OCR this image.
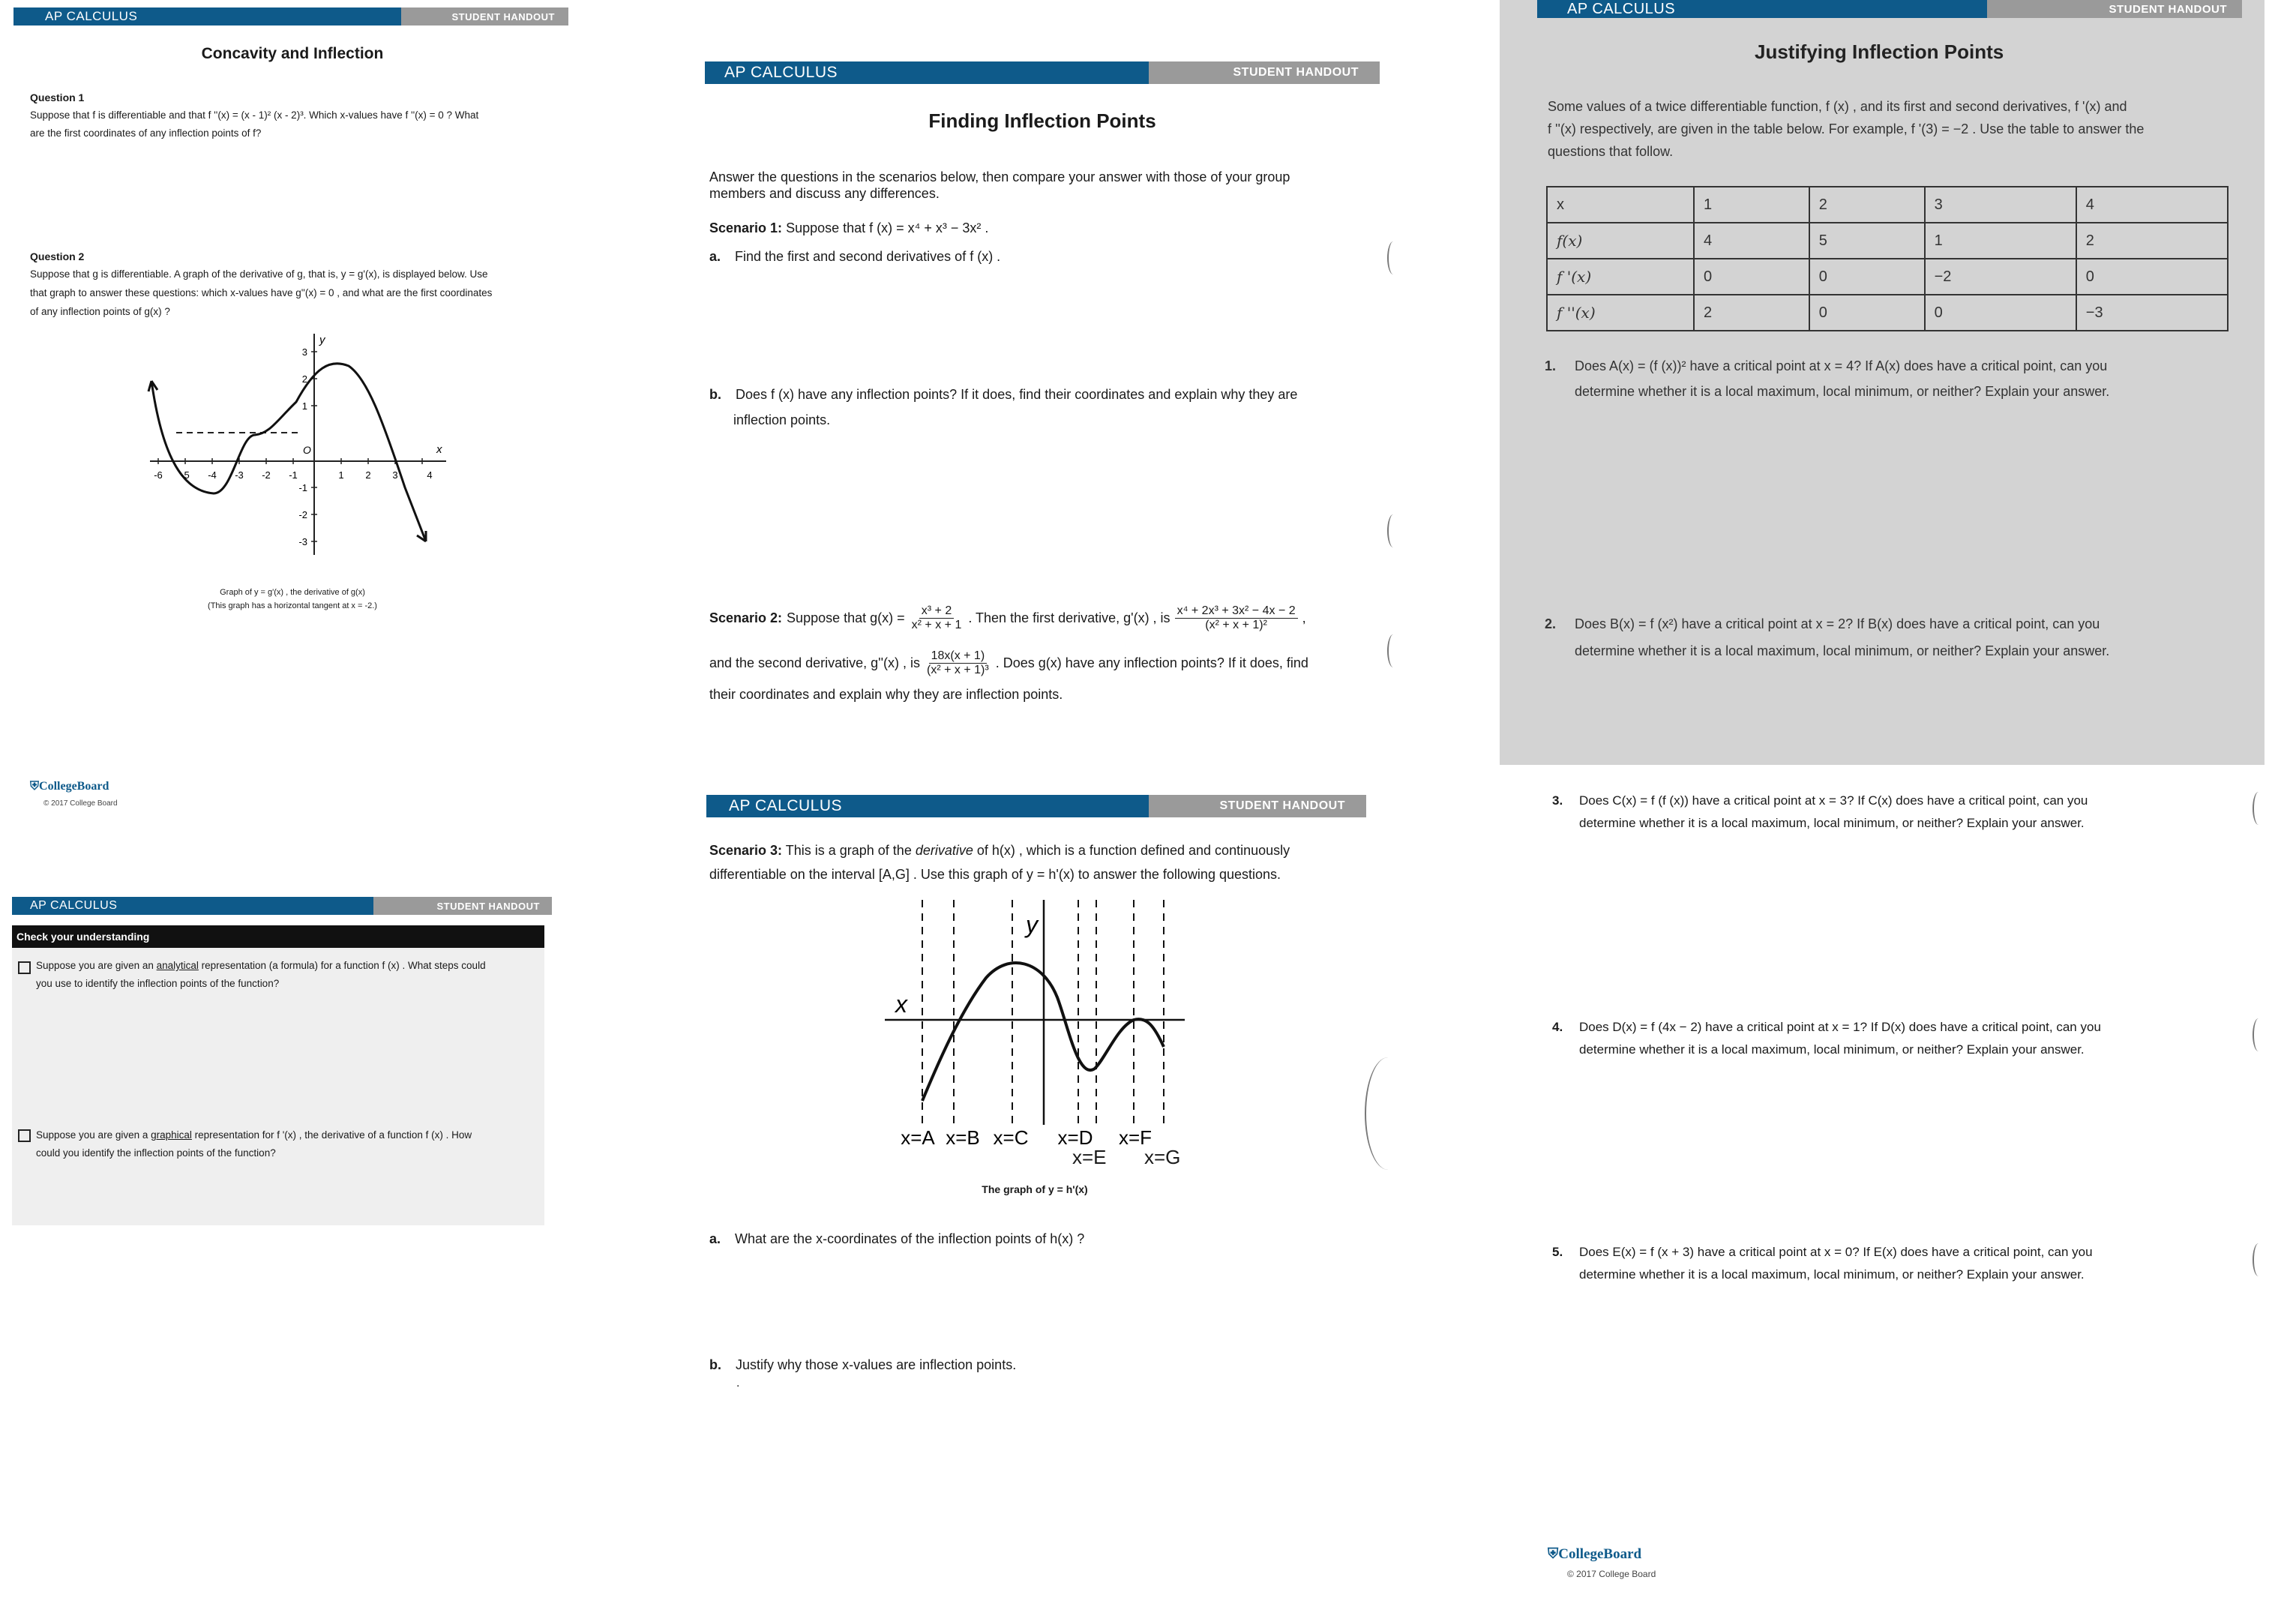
AP CALCULUS	STUDENT HANDOUT
Concavity and Inflection
Question 1
Suppose that f is differentiable and that f ''(x) = (x - 1)² (x - 2)³. Which x-values have f ''(x) = 0 ? What
are the first coordinates of any inflection points of f?
Question 2
Suppose that g is differentiable. A graph of the derivative of g, that is, y = g'(x), is displayed below. Use
that graph to answer these questions: which x-values have g''(x) = 0 , and what are the first coordinates
of any inflection points of g(x) ?
y
x
O
-6 -5 -4 -3 -2 -1	1 2 3	4
3
2
1
-1
-2
-3
Graph of y = g'(x) , the derivative of g(x)
(This graph has a horizontal tangent at x = -2.)
⛨CollegeBoard
© 2017 College Board
AP CALCULUS	STUDENT HANDOUT
Finding Inflection Points
Answer the questions in the scenarios below, then compare your answer with those of your group
members and discuss any differences.
Scenario 1: Suppose that f (x) = x⁴ + x³ − 3x² .
a. Find the first and second derivatives of f (x) .
b. Does f (x) have any inflection points? If it does, find their coordinates and explain why they are
inflection points.
Scenario 2: Suppose that $g(x) = \frac{\text{x³ + 2}}{\text{x² + x + 1}}$ . Then the first derivative, g'(x) , is $\frac{\text{x⁴ + 2x³ + 3x² − 4x − 2}}{\text{(x² + x + 1)²}}$ ,
and the second derivative, g''(x) , is $\frac{18x(x + 1)}{\text{(x² + x + 1)³}}$ . Does g(x) have any inflection points? If it does, find
their coordinates and explain why they are inflection points.
AP CALCULUS	STUDENT HANDOUT
Justifying Inflection Points
Some values of a twice differentiable function, f (x) , and its first and second derivatives, f '(x) and
f ''(x) respectively, are given in the table below. For example, f '(3) = −2 . Use the table to answer the
questions that follow.
x	1	2	3	4
f(x)	4	5	1	2
f '(x)	0	0	−2	0
f ''(x)	2	0	0	−3
1. Does A(x) = (f (x))² have a critical point at x = 4? If A(x) does have a critical point, can you
determine whether it is a local maximum, local minimum, or neither? Explain your answer.
2. Does B(x) = f (x²) have a critical point at x = 2? If B(x) does have a critical point, can you
determine whether it is a local maximum, local minimum, or neither? Explain your answer.
AP CALCULUS	STUDENT HANDOUT
Check your understanding
Suppose you are given an analytical representation (a formula) for a function f (x) . What steps could
you use to identify the inflection points of the function?
Suppose you are given a graphical representation for f '(x) , the derivative of a function f (x) . How
could you identify the inflection points of the function?
AP CALCULUS	STUDENT HANDOUT
Scenario 3: This is a graph of the derivative of h(x) , which is a function defined and continuously
differentiable on the interval [A,G] . Use this graph of y = h'(x) to answer the following questions.
y
x
x=A x=B x=C x=D x=F
x=E x=G
The graph of y = h'(x)
a. What are the x-coordinates of the inflection points of h(x) ?
b. Justify why those x-values are inflection points.
.
3. Does C(x) = f (f (x)) have a critical point at x = 3? If C(x) does have a critical point, can you
determine whether it is a local maximum, local minimum, or neither? Explain your answer.
4. Does D(x) = f (4x − 2) have a critical point at x = 1? If D(x) does have a critical point, can you
determine whether it is a local maximum, local minimum, or neither? Explain your answer.
5. Does E(x) = f (x + 3) have a critical point at x = 0? If E(x) does have a critical point, can you
determine whether it is a local maximum, local minimum, or neither? Explain your answer.
⛨CollegeBoard
© 2017 College Board
